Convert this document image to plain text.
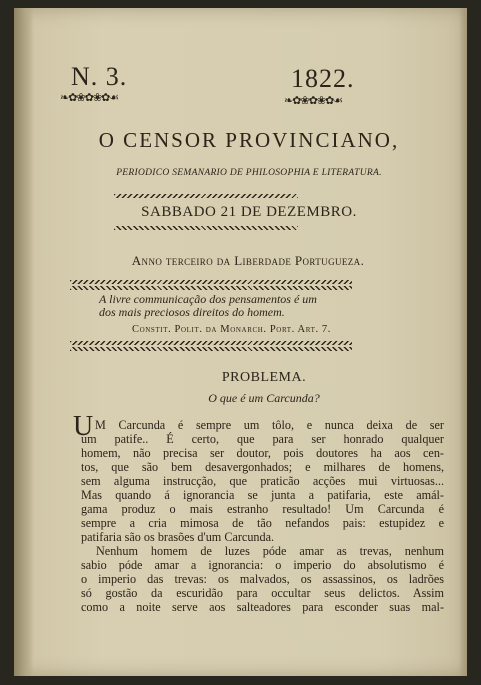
N. 3.	1822.
❧✿❀✿❀✿☙	❧✿❀✿❀✿☙
O CENSOR PROVINCIANO,
PERIODICO SEMANARIO DE PHILOSOPHIA E LITERATURA.
SABBADO 21 DE DEZEMBRO.
Anno terceiro da Liberdade Portugueza.
A livre communicação dos pensamentos é um
dos mais preciosos direitos do homem.
Constit. Polit. da Monarch. Port. Art. 7.
PROBLEMA.
O que é um Carcunda?
U M Carcunda é sempre um tôlo, e nunca deixa de ser
um patife.. É certo, que para ser honrado qualquer
homem, não precisa ser doutor, pois doutores ha aos cen-
tos, que são bem desavergonhados; e milhares de homens,
sem alguma instrucção, que praticão acções mui virtuosas...
Mas quando á ignorancia se junta a patifaria, este amál-
gama produz o mais estranho resultado! Um Carcunda é
sempre a cria mimosa de tão nefandos pais: estupidez e
patifaria são os brasões d'um Carcunda.
Nenhum homem de luzes póde amar as trevas, nenhum
sabio póde amar a ignorancia: o imperio do absolutismo é
o imperio das trevas: os malvados, os assassinos, os ladrões
só gostão da escuridão para occultar seus delictos. Assim
como a noite serve aos salteadores para esconder suas mal-
